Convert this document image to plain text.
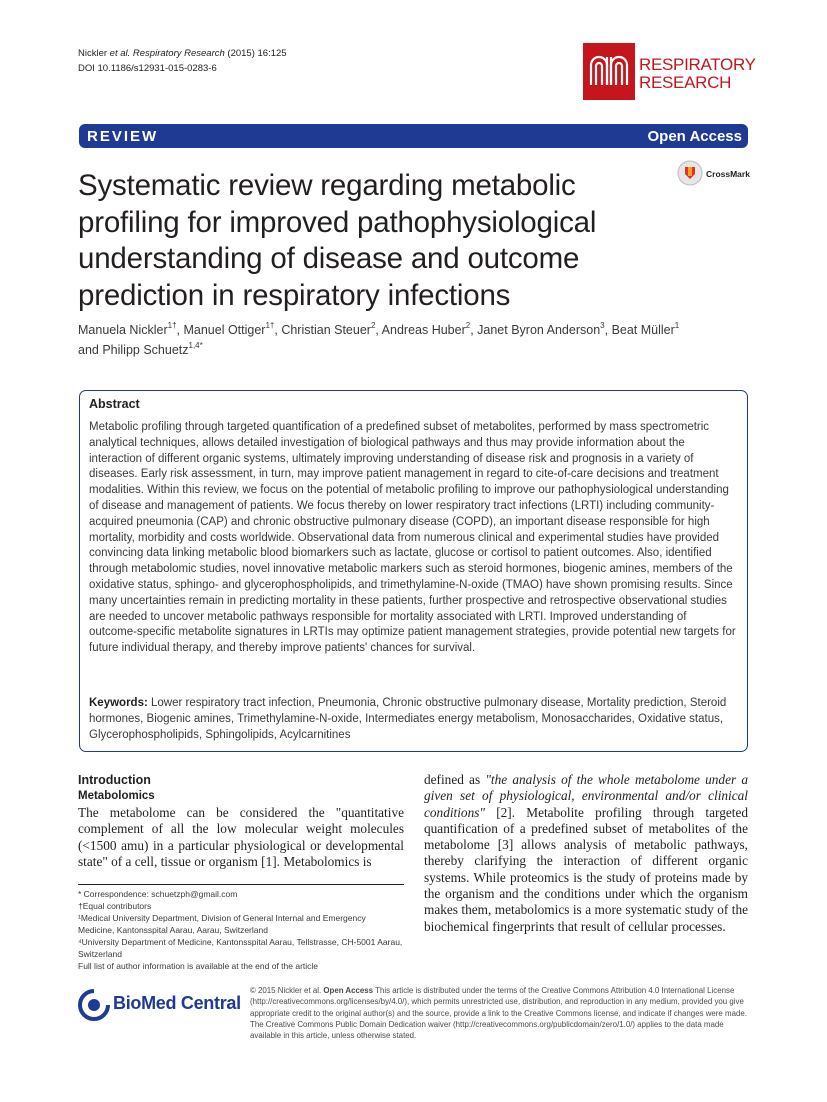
Nickler et al. Respiratory Research (2015) 16:125
DOI 10.1186/s12931-015-0283-6	RESPIRATORY
RESEARCH
REVIEW	Open Access
Systematic review regarding metabolic profiling for improved pathophysiological understanding of disease and outcome prediction in respiratory infections
CrossMark
Manuela Nickler$^{1\dagger}$, Manuel Ottiger$^{1\dagger}$, Christian Steuer$^2$, Andreas Huber$^2$, Janet Byron Anderson$^3$, Beat Müller$^1$
and Philipp Schuetz$^{1,4*}$
Abstract
Metabolic profiling through targeted quantification of a predefined subset of metabolites, performed by mass spectrometric analytical techniques, allows detailed investigation of biological pathways and thus may provide information about the interaction of different organic systems, ultimately improving understanding of disease risk and prognosis in a variety of diseases. Early risk assessment, in turn, may improve patient management in regard to cite-of-care decisions and treatment modalities. Within this review, we focus on the potential of metabolic profiling to improve our pathophysiological understanding of disease and management of patients. We focus thereby on lower respiratory tract infections (LRTI) including community-acquired pneumonia (CAP) and chronic obstructive pulmonary disease (COPD), an important disease responsible for high mortality, morbidity and costs worldwide. Observational data from numerous clinical and experimental studies have provided convincing data linking metabolic blood biomarkers such as lactate, glucose or cortisol to patient outcomes. Also, identified through metabolomic studies, novel innovative metabolic markers such as steroid hormones, biogenic amines, members of the oxidative status, sphingo- and glycerophospholipids, and trimethylamine-N-oxide (TMAO) have shown promising results. Since many uncertainties remain in predicting mortality in these patients, further prospective and retrospective observational studies are needed to uncover metabolic pathways responsible for mortality associated with LRTI. Improved understanding of outcome-specific metabolite signatures in LRTIs may optimize patient management strategies, provide potential new targets for future individual therapy, and thereby improve patients' chances for survival.
Keywords: Lower respiratory tract infection, Pneumonia, Chronic obstructive pulmonary disease, Mortality prediction, Steroid hormones, Biogenic amines, Trimethylamine-N-oxide, Intermediates energy metabolism, Monosaccharides, Oxidative status, Glycerophospholipids, Sphingolipids, Acylcarnitines
Introduction
Metabolomics
The metabolome can be considered the "quantitative complement of all the low molecular weight molecules (<1500 amu) in a particular physiological or developmental state" of a cell, tissue or organism [1]. Metabolomics is
defined as "the analysis of the whole metabolome under a given set of physiological, environmental and/or clinical conditions" [2]. Metabolite profiling through targeted quantification of a predefined subset of metabolites of the metabolome [3] allows analysis of metabolic pathways, thereby clarifying the interaction of different organic systems. While proteomics is the study of proteins made by the organism and the conditions under which the organism makes them, metabolomics is a more systematic study of the biochemical fingerprints that result of cellular processes.
* Correspondence: schuetzph@gmail.com
†Equal contributors
¹Medical University Department, Division of General Internal and Emergency Medicine, Kantonsspital Aarau, Aarau, Switzerland
⁴University Department of Medicine, Kantonsspital Aarau, Tellstrasse, CH-5001 Aarau, Switzerland
Full list of author information is available at the end of the article
BioMed Central
© 2015 Nickler et al. Open Access This article is distributed under the terms of the Creative Commons Attribution 4.0 International License (http://creativecommons.org/licenses/by/4.0/), which permits unrestricted use, distribution, and reproduction in any medium, provided you give appropriate credit to the original author(s) and the source, provide a link to the Creative Commons license, and indicate if changes were made. The Creative Commons Public Domain Dedication waiver (http://creativecommons.org/publicdomain/zero/1.0/) applies to the data made available in this article, unless otherwise stated.
